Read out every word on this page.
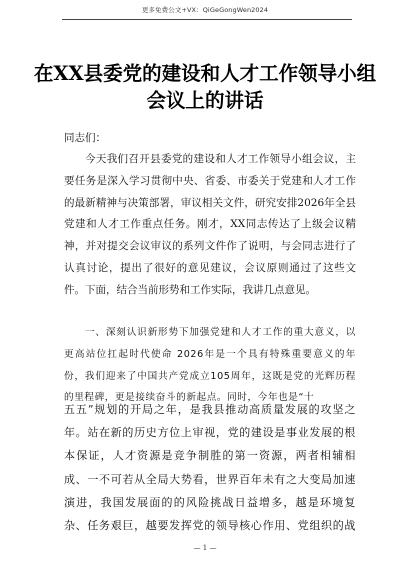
更多免费公文+VX：QiGeGongWen2024
在XX县委党的建设和人才工作领导小组会议上的讲话
同志们：
今天我们召开县委党的建设和人才工作领导小组会议，主要任务是深入学习贯彻中央、省委、市委关于党建和人才工作的最新精神与决策部署，审议相关文件，研究安排2026年全县党建和人才工作重点任务。刚才，XX同志传达了上级会议精神，并对提交会议审议的系列文件作了说明，与会同志进行了认真讨论，提出了很好的意见建议，会议原则通过了这些文件。下面，结合当前形势和工作实际，我讲几点意见。
一、深刻认识新形势下加强党建和人才工作的重大意义，以更高站位扛起时代使命 2026年是一个具有特殊重要意义的年份，我们迎来了中国共产党成立105周年，这既是党的光辉历程的里程碑，更是接续奋斗的新起点。同时，今年也是“十
五五”规划的开局之年，是我县推动高质量发展的攻坚之年。站在新的历史方位上审视，党的建设是事业发展的根本保证，人才资源是竞争制胜的第一资源，两者相辅相成、一不可若从全局大势看，世界百年未有之大变局加速演进，我国发展面的的风险挑战日益增多，越是环境复杂、任务艰巨，越要发挥党的领导核心作用、党组织的战
— 1 —
